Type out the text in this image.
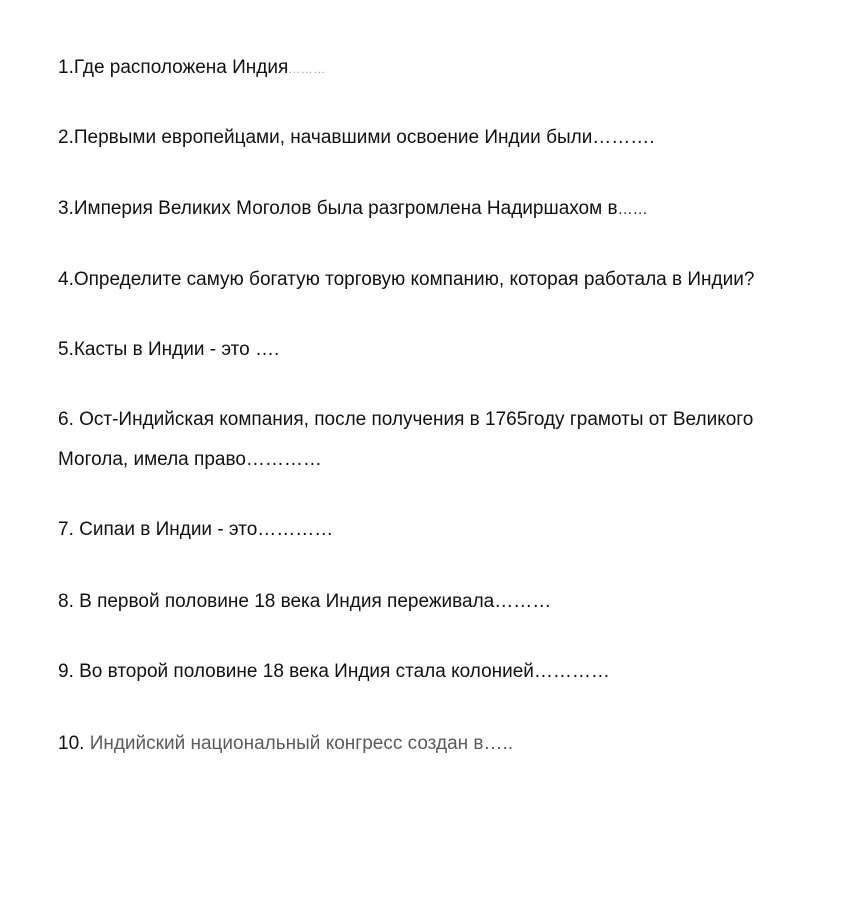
1.Где расположена Индия………
2.Первыми европейцами, начавшими освоение Индии были……….
3.Империя Великих Моголов была разгромлена Надиршахом в……
4.Определите самую богатую торговую компанию, которая работала в Индии?
5.Касты в Индии - это ….
6. Ост-Индийская компания, после получения в 1765году грамоты от Великого Могола, имела право…………
7. Сипаи в Индии - это…………
8. В первой половине 18 века Индия переживала………
9. Во второй половине 18 века Индия стала колонией…………
10. Индийский национальный конгресс создан в…..
